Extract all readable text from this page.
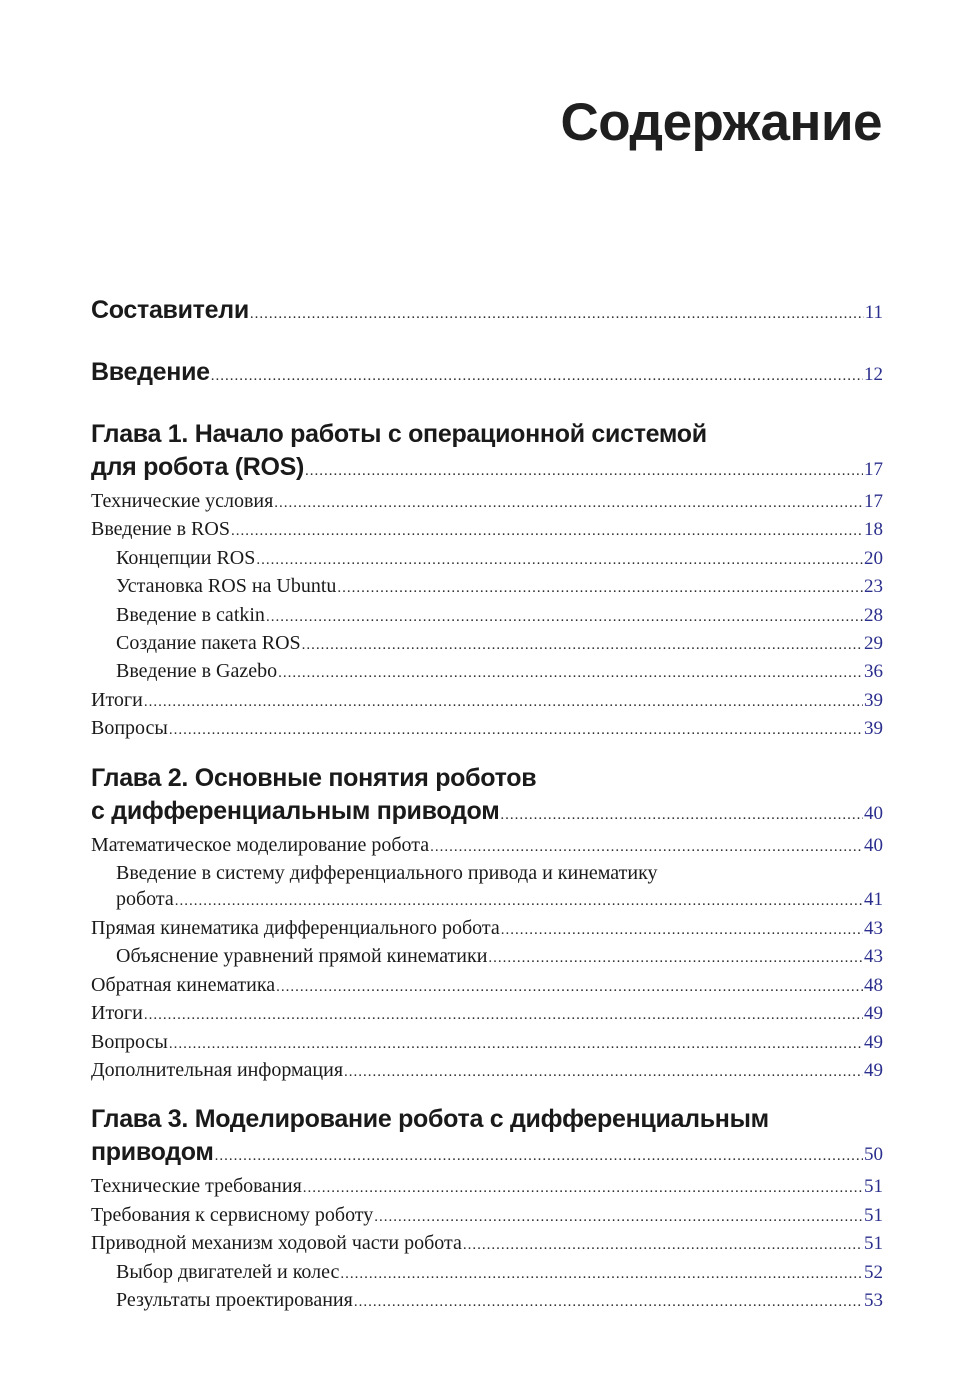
Содержание
Составители .....	11
Введение .....	12
Глава 1. Начало работы с операционной системой
для робота (ROS) .....	17
Технические условия .....	17
Введение в ROS .....	18
Концепции ROS .....	20
Установка ROS на Ubuntu .....	23
Введение в catkin .....	28
Создание пакета ROS .....	29
Введение в Gazebo .....	36
Итоги .....	39
Вопросы .....	39
Глава 2. Основные понятия роботов
с дифференциальным приводом .....	40
Математическое моделирование робота .....	40
Введение в систему дифференциального привода и кинематику
робота .....	41
Прямая кинематика дифференциального робота .....	43
Объяснение уравнений прямой кинематики .....	43
Обратная кинематика .....	48
Итоги .....	49
Вопросы .....	49
Дополнительная информация .....	49
Глава 3. Моделирование робота с дифференциальным
приводом .....	50
Технические требования .....	51
Требования к сервисному роботу .....	51
Приводной механизм ходовой части робота .....	51
Выбор двигателей и колес .....	52
Результаты проектирования .....	53
